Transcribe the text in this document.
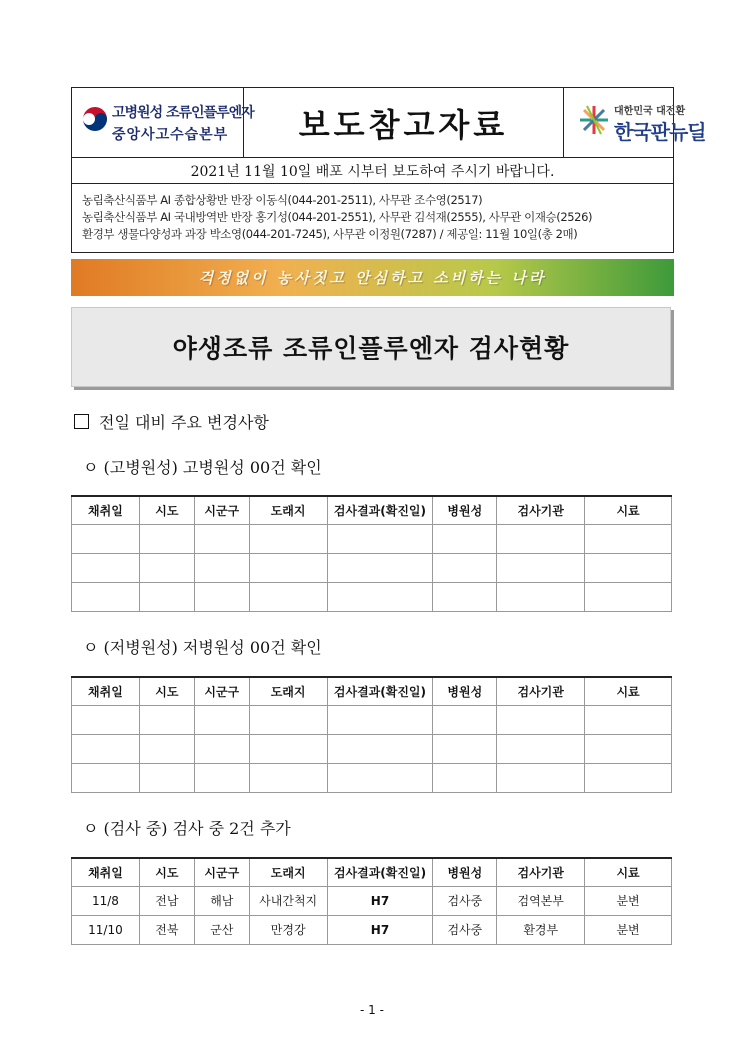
고병원성 조류인플루엔자
중앙사고수습본부 보도참고자료	대한민국 대전환
한국판뉴딜
2021년 11월 10일 배포 시부터 보도하여 주시기 바랍니다.
농림축산식품부 AI 종합상황반 반장 이동식(044-201-2511), 사무관 조수영(2517)
농림축산식품부 AI 국내방역반 반장 홍기성(044-201-2551), 사무관 김석재(2555), 사무관 이재승(2526)
환경부 생물다양성과 과장 박소영(044-201-7245), 사무관 이정원(7287) / 제공일: 11월 10일(총 2매)
걱정없이 농사짓고 안심하고 소비하는 나라
야생조류 조류인플루엔자 검사현황
전일 대비 주요 변경사항
ㅇ (고병원성) 고병원성 00건 확인
채취일	시도	시군구	도래지	검사결과(확진일)	병원성	검사기관	시료

ㅇ (저병원성) 저병원성 00건 확인
채취일	시도	시군구	도래지	검사결과(확진일)	병원성	검사기관	시료

ㅇ (검사 중) 검사 중 2건 추가
채취일	시도	시군구	도래지	검사결과(확진일)	병원성	검사기관	시료
11/8	전남	해남	사내간척지	H7	검사중	검역본부	분변
11/10	전북	군산	만경강	H7	검사중	환경부	분변
- 1 -
